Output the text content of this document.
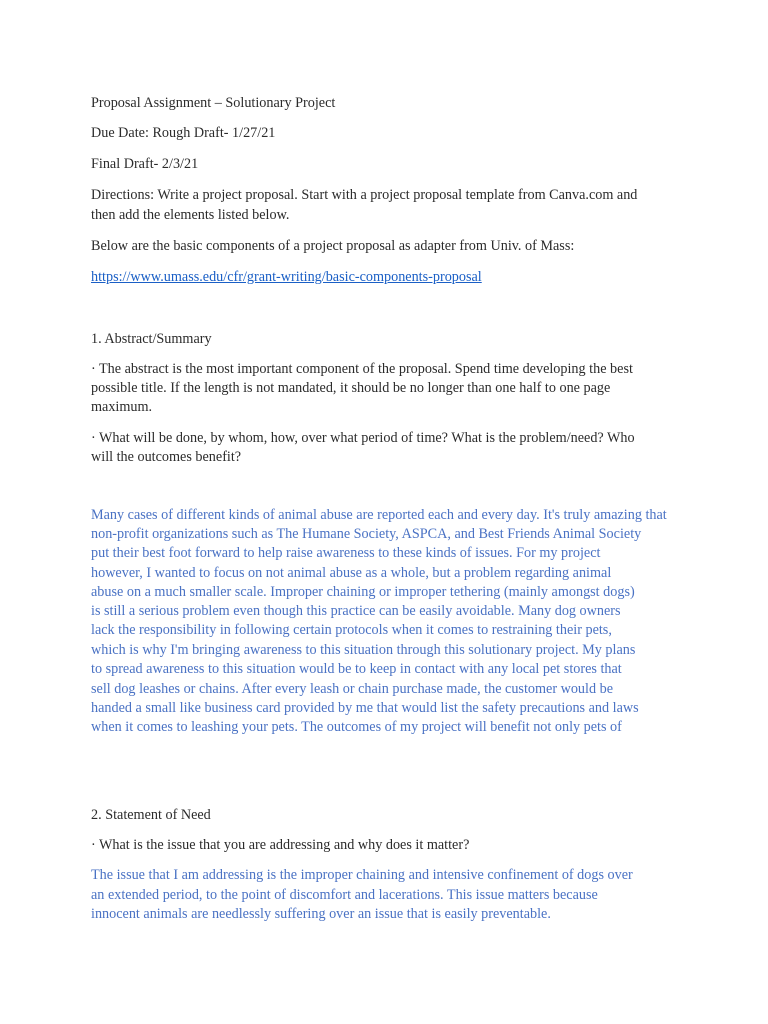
Proposal Assignment – Solutionary Project
Due Date: Rough Draft- 1/27/21
Final Draft- 2/3/21
Directions: Write a project proposal. Start with a project proposal template from Canva.com and
then add the elements listed below.
Below are the basic components of a project proposal as adapter from Univ. of Mass:
https://www.umass.edu/cfr/grant-writing/basic-components-proposal
1. Abstract/Summary
· The abstract is the most important component of the proposal. Spend time developing the best
possible title. If the length is not mandated, it should be no longer than one half to one page
maximum.
· What will be done, by whom, how, over what period of time? What is the problem/need? Who
will the outcomes benefit?
Many cases of different kinds of animal abuse are reported each and every day. It's truly amazing that
non-profit organizations such as The Humane Society, ASPCA, and Best Friends Animal Society
put their best foot forward to help raise awareness to these kinds of issues. For my project
however, I wanted to focus on not animal abuse as a whole, but a problem regarding animal
abuse on a much smaller scale. Improper chaining or improper tethering (mainly amongst dogs)
is still a serious problem even though this practice can be easily avoidable. Many dog owners
lack the responsibility in following certain protocols when it comes to restraining their pets,
which is why I'm bringing awareness to this situation through this solutionary project. My plans
to spread awareness to this situation would be to keep in contact with any local pet stores that
sell dog leashes or chains. After every leash or chain purchase made, the customer would be
handed a small like business card provided by me that would list the safety precautions and laws
when it comes to leashing your pets. The outcomes of my project will benefit not only pets of
2. Statement of Need
· What is the issue that you are addressing and why does it matter?
The issue that I am addressing is the improper chaining and intensive confinement of dogs over
an extended period, to the point of discomfort and lacerations. This issue matters because
innocent animals are needlessly suffering over an issue that is easily preventable.
